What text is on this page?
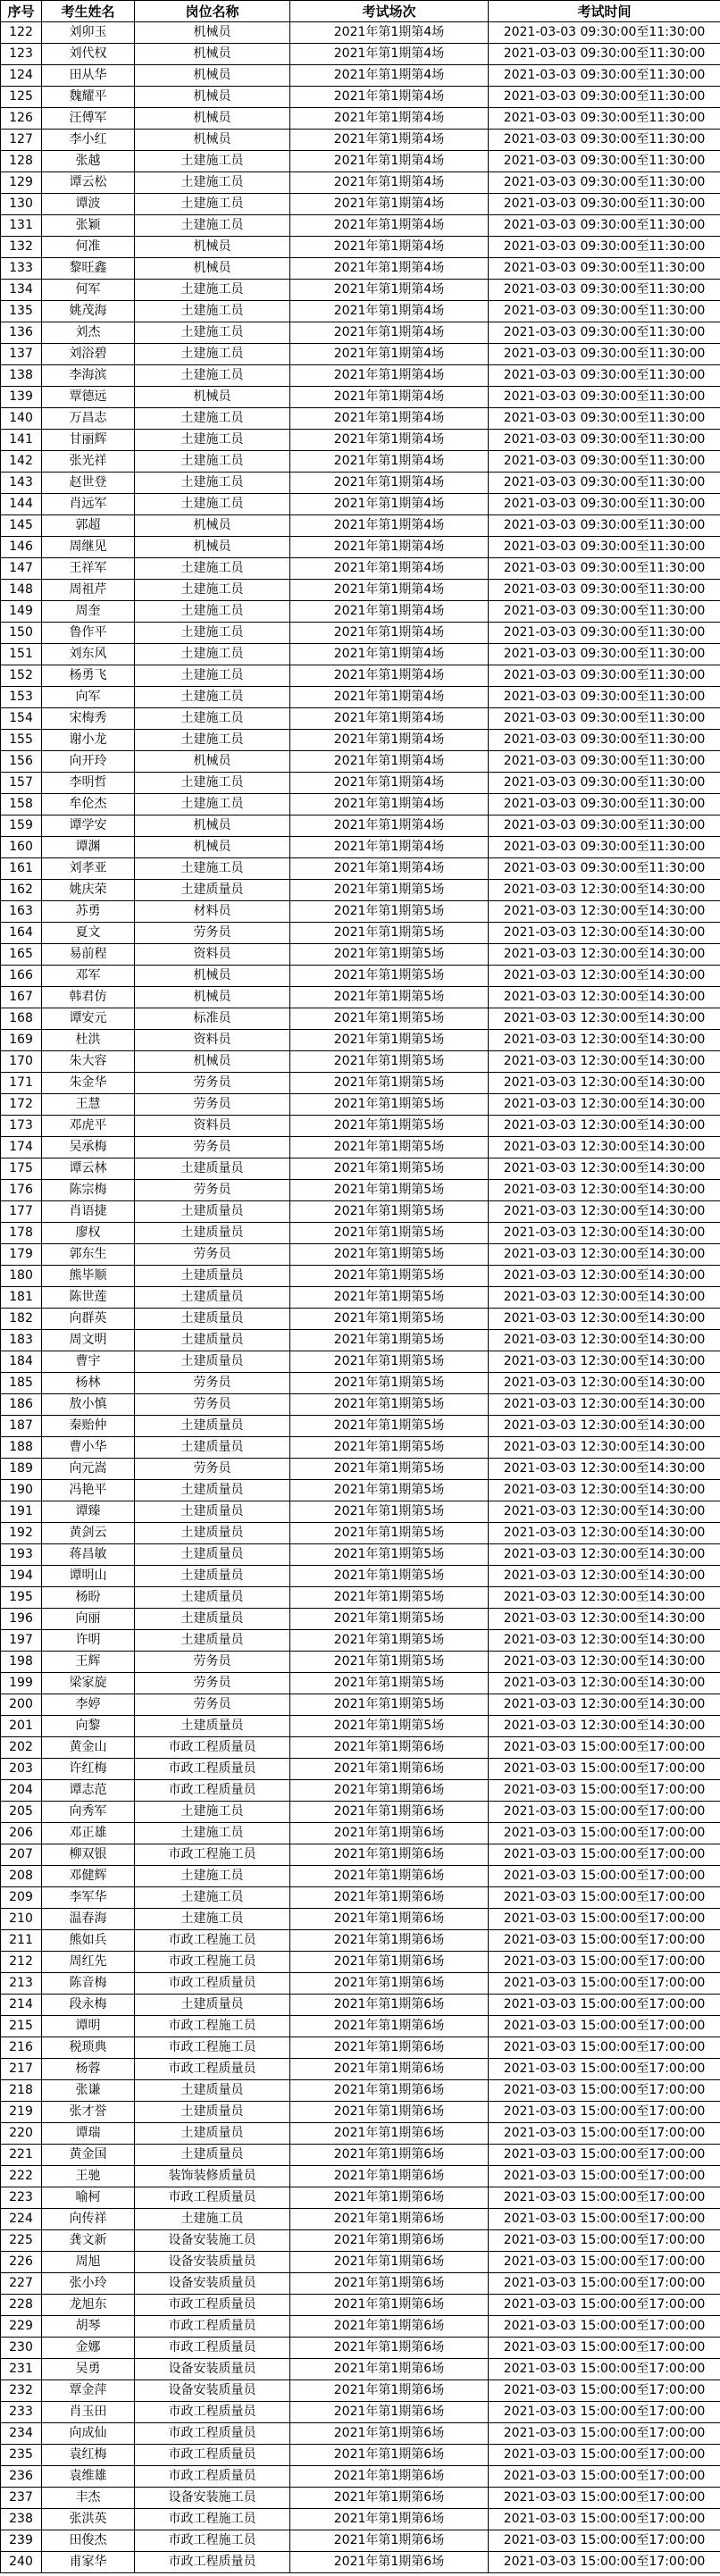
序号	考生姓名	岗位名称	考试场次	考试时间
122	刘卯玉	机械员	2021年第1期第4场	2021-03-03 09:30:00至11:30:00
123	刘代权	机械员	2021年第1期第4场	2021-03-03 09:30:00至11:30:00
124	田从华	机械员	2021年第1期第4场	2021-03-03 09:30:00至11:30:00
125	魏耀平	机械员	2021年第1期第4场	2021-03-03 09:30:00至11:30:00
126	汪傅军	机械员	2021年第1期第4场	2021-03-03 09:30:00至11:30:00
127	李小红	机械员	2021年第1期第4场	2021-03-03 09:30:00至11:30:00
128	张越	土建施工员	2021年第1期第4场	2021-03-03 09:30:00至11:30:00
129	谭云松	土建施工员	2021年第1期第4场	2021-03-03 09:30:00至11:30:00
130	谭波	土建施工员	2021年第1期第4场	2021-03-03 09:30:00至11:30:00
131	张颖	土建施工员	2021年第1期第4场	2021-03-03 09:30:00至11:30:00
132	何准	机械员	2021年第1期第4场	2021-03-03 09:30:00至11:30:00
133	黎旺鑫	机械员	2021年第1期第4场	2021-03-03 09:30:00至11:30:00
134	何军	土建施工员	2021年第1期第4场	2021-03-03 09:30:00至11:30:00
135	姚茂海	土建施工员	2021年第1期第4场	2021-03-03 09:30:00至11:30:00
136	刘杰	土建施工员	2021年第1期第4场	2021-03-03 09:30:00至11:30:00
137	刘浴碧	土建施工员	2021年第1期第4场	2021-03-03 09:30:00至11:30:00
138	李海滨	土建施工员	2021年第1期第4场	2021-03-03 09:30:00至11:30:00
139	覃德远	机械员	2021年第1期第4场	2021-03-03 09:30:00至11:30:00
140	万昌志	土建施工员	2021年第1期第4场	2021-03-03 09:30:00至11:30:00
141	甘丽辉	土建施工员	2021年第1期第4场	2021-03-03 09:30:00至11:30:00
142	张光祥	土建施工员	2021年第1期第4场	2021-03-03 09:30:00至11:30:00
143	赵世登	土建施工员	2021年第1期第4场	2021-03-03 09:30:00至11:30:00
144	肖远军	土建施工员	2021年第1期第4场	2021-03-03 09:30:00至11:30:00
145	郭超	机械员	2021年第1期第4场	2021-03-03 09:30:00至11:30:00
146	周继见	机械员	2021年第1期第4场	2021-03-03 09:30:00至11:30:00
147	王祥军	土建施工员	2021年第1期第4场	2021-03-03 09:30:00至11:30:00
148	周祖芹	土建施工员	2021年第1期第4场	2021-03-03 09:30:00至11:30:00
149	周奎	土建施工员	2021年第1期第4场	2021-03-03 09:30:00至11:30:00
150	鲁作平	土建施工员	2021年第1期第4场	2021-03-03 09:30:00至11:30:00
151	刘东风	土建施工员	2021年第1期第4场	2021-03-03 09:30:00至11:30:00
152	杨勇飞	土建施工员	2021年第1期第4场	2021-03-03 09:30:00至11:30:00
153	向军	土建施工员	2021年第1期第4场	2021-03-03 09:30:00至11:30:00
154	宋梅秀	土建施工员	2021年第1期第4场	2021-03-03 09:30:00至11:30:00
155	谢小龙	土建施工员	2021年第1期第4场	2021-03-03 09:30:00至11:30:00
156	向开玲	机械员	2021年第1期第4场	2021-03-03 09:30:00至11:30:00
157	李明哲	土建施工员	2021年第1期第4场	2021-03-03 09:30:00至11:30:00
158	牟伦杰	土建施工员	2021年第1期第4场	2021-03-03 09:30:00至11:30:00
159	谭学安	机械员	2021年第1期第4场	2021-03-03 09:30:00至11:30:00
160	谭渊	机械员	2021年第1期第4场	2021-03-03 09:30:00至11:30:00
161	刘孝亚	土建施工员	2021年第1期第4场	2021-03-03 09:30:00至11:30:00
162	姚庆荣	土建质量员	2021年第1期第5场	2021-03-03 12:30:00至14:30:00
163	苏勇	材料员	2021年第1期第5场	2021-03-03 12:30:00至14:30:00
164	夏文	劳务员	2021年第1期第5场	2021-03-03 12:30:00至14:30:00
165	易前程	资料员	2021年第1期第5场	2021-03-03 12:30:00至14:30:00
166	邓军	机械员	2021年第1期第5场	2021-03-03 12:30:00至14:30:00
167	韩君仿	机械员	2021年第1期第5场	2021-03-03 12:30:00至14:30:00
168	谭安元	标准员	2021年第1期第5场	2021-03-03 12:30:00至14:30:00
169	杜洪	资料员	2021年第1期第5场	2021-03-03 12:30:00至14:30:00
170	朱大容	机械员	2021年第1期第5场	2021-03-03 12:30:00至14:30:00
171	朱金华	劳务员	2021年第1期第5场	2021-03-03 12:30:00至14:30:00
172	王慧	劳务员	2021年第1期第5场	2021-03-03 12:30:00至14:30:00
173	邓虎平	资料员	2021年第1期第5场	2021-03-03 12:30:00至14:30:00
174	吴承梅	劳务员	2021年第1期第5场	2021-03-03 12:30:00至14:30:00
175	谭云林	土建质量员	2021年第1期第5场	2021-03-03 12:30:00至14:30:00
176	陈宗梅	劳务员	2021年第1期第5场	2021-03-03 12:30:00至14:30:00
177	肖语捷	土建质量员	2021年第1期第5场	2021-03-03 12:30:00至14:30:00
178	廖权	土建质量员	2021年第1期第5场	2021-03-03 12:30:00至14:30:00
179	郭东生	劳务员	2021年第1期第5场	2021-03-03 12:30:00至14:30:00
180	熊毕顺	土建质量员	2021年第1期第5场	2021-03-03 12:30:00至14:30:00
181	陈世莲	土建质量员	2021年第1期第5场	2021-03-03 12:30:00至14:30:00
182	向群英	土建质量员	2021年第1期第5场	2021-03-03 12:30:00至14:30:00
183	周文明	土建质量员	2021年第1期第5场	2021-03-03 12:30:00至14:30:00
184	曹宇	土建质量员	2021年第1期第5场	2021-03-03 12:30:00至14:30:00
185	杨林	劳务员	2021年第1期第5场	2021-03-03 12:30:00至14:30:00
186	敖小慎	劳务员	2021年第1期第5场	2021-03-03 12:30:00至14:30:00
187	秦贻仲	土建质量员	2021年第1期第5场	2021-03-03 12:30:00至14:30:00
188	曹小华	土建质量员	2021年第1期第5场	2021-03-03 12:30:00至14:30:00
189	向元嵩	劳务员	2021年第1期第5场	2021-03-03 12:30:00至14:30:00
190	冯艳平	土建质量员	2021年第1期第5场	2021-03-03 12:30:00至14:30:00
191	谭臻	土建质量员	2021年第1期第5场	2021-03-03 12:30:00至14:30:00
192	黄剑云	土建质量员	2021年第1期第5场	2021-03-03 12:30:00至14:30:00
193	蒋昌敏	土建质量员	2021年第1期第5场	2021-03-03 12:30:00至14:30:00
194	谭明山	土建质量员	2021年第1期第5场	2021-03-03 12:30:00至14:30:00
195	杨盼	土建质量员	2021年第1期第5场	2021-03-03 12:30:00至14:30:00
196	向丽	土建质量员	2021年第1期第5场	2021-03-03 12:30:00至14:30:00
197	许明	土建质量员	2021年第1期第5场	2021-03-03 12:30:00至14:30:00
198	王辉	劳务员	2021年第1期第5场	2021-03-03 12:30:00至14:30:00
199	梁家旋	劳务员	2021年第1期第5场	2021-03-03 12:30:00至14:30:00
200	李婷	劳务员	2021年第1期第5场	2021-03-03 12:30:00至14:30:00
201	向黎	土建质量员	2021年第1期第5场	2021-03-03 12:30:00至14:30:00
202	黄金山	市政工程质量员	2021年第1期第6场	2021-03-03 15:00:00至17:00:00
203	许红梅	市政工程质量员	2021年第1期第6场	2021-03-03 15:00:00至17:00:00
204	谭志范	市政工程质量员	2021年第1期第6场	2021-03-03 15:00:00至17:00:00
205	向秀军	土建施工员	2021年第1期第6场	2021-03-03 15:00:00至17:00:00
206	邓正雄	土建施工员	2021年第1期第6场	2021-03-03 15:00:00至17:00:00
207	柳双银	市政工程施工员	2021年第1期第6场	2021-03-03 15:00:00至17:00:00
208	邓健辉	土建施工员	2021年第1期第6场	2021-03-03 15:00:00至17:00:00
209	李军华	土建施工员	2021年第1期第6场	2021-03-03 15:00:00至17:00:00
210	温春海	土建施工员	2021年第1期第6场	2021-03-03 15:00:00至17:00:00
211	熊如兵	市政工程施工员	2021年第1期第6场	2021-03-03 15:00:00至17:00:00
212	周红先	市政工程施工员	2021年第1期第6场	2021-03-03 15:00:00至17:00:00
213	陈音梅	市政工程质量员	2021年第1期第6场	2021-03-03 15:00:00至17:00:00
214	段永梅	土建质量员	2021年第1期第6场	2021-03-03 15:00:00至17:00:00
215	谭明	市政工程施工员	2021年第1期第6场	2021-03-03 15:00:00至17:00:00
216	税琐典	市政工程施工员	2021年第1期第6场	2021-03-03 15:00:00至17:00:00
217	杨蓉	市政工程质量员	2021年第1期第6场	2021-03-03 15:00:00至17:00:00
218	张谦	土建质量员	2021年第1期第6场	2021-03-03 15:00:00至17:00:00
219	张才誉	土建质量员	2021年第1期第6场	2021-03-03 15:00:00至17:00:00
220	谭瑞	土建质量员	2021年第1期第6场	2021-03-03 15:00:00至17:00:00
221	黄金国	土建质量员	2021年第1期第6场	2021-03-03 15:00:00至17:00:00
222	王驰	装饰装修质量员	2021年第1期第6场	2021-03-03 15:00:00至17:00:00
223	喻柯	市政工程质量员	2021年第1期第6场	2021-03-03 15:00:00至17:00:00
224	向传祥	土建施工员	2021年第1期第6场	2021-03-03 15:00:00至17:00:00
225	龚文新	设备安装施工员	2021年第1期第6场	2021-03-03 15:00:00至17:00:00
226	周旭	设备安装质量员	2021年第1期第6场	2021-03-03 15:00:00至17:00:00
227	张小玲	设备安装质量员	2021年第1期第6场	2021-03-03 15:00:00至17:00:00
228	龙旭东	市政工程质量员	2021年第1期第6场	2021-03-03 15:00:00至17:00:00
229	胡琴	市政工程质量员	2021年第1期第6场	2021-03-03 15:00:00至17:00:00
230	金娜	市政工程质量员	2021年第1期第6场	2021-03-03 15:00:00至17:00:00
231	吴勇	设备安装质量员	2021年第1期第6场	2021-03-03 15:00:00至17:00:00
232	覃金萍	设备安装质量员	2021年第1期第6场	2021-03-03 15:00:00至17:00:00
233	肖玉田	市政工程质量员	2021年第1期第6场	2021-03-03 15:00:00至17:00:00
234	向成仙	市政工程质量员	2021年第1期第6场	2021-03-03 15:00:00至17:00:00
235	袁红梅	市政工程质量员	2021年第1期第6场	2021-03-03 15:00:00至17:00:00
236	袁维雄	市政工程质量员	2021年第1期第6场	2021-03-03 15:00:00至17:00:00
237	丰杰	设备安装施工员	2021年第1期第6场	2021-03-03 15:00:00至17:00:00
238	张洪英	市政工程施工员	2021年第1期第6场	2021-03-03 15:00:00至17:00:00
239	田俊杰	市政工程施工员	2021年第1期第6场	2021-03-03 15:00:00至17:00:00
240	甫家华	市政工程质量员	2021年第1期第6场	2021-03-03 15:00:00至17:00:00
